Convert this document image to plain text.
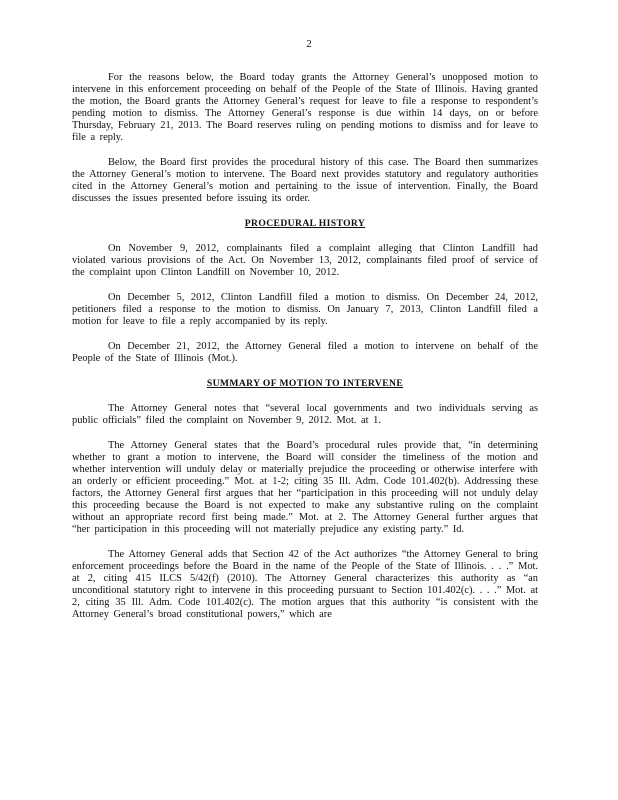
2

For the reasons below, the Board today grants the Attorney General’s unopposed motion to intervene in this enforcement proceeding on behalf of the People of the State of Illinois. Having granted the motion, the Board grants the Attorney General’s request for leave to file a response to respondent’s pending motion to dismiss. The Attorney General’s response is due within 14 days, on or before Thursday, February 21, 2013. The Board reserves ruling on pending motions to dismiss and for leave to file a reply.

Below, the Board first provides the procedural history of this case. The Board then summarizes the Attorney General’s motion to intervene. The Board next provides statutory and regulatory authorities cited in the Attorney General’s motion and pertaining to the issue of intervention. Finally, the Board discusses the issues presented before issuing its order.

PROCEDURAL HISTORY

On November 9, 2012, complainants filed a complaint alleging that Clinton Landfill had violated various provisions of the Act. On November 13, 2012, complainants filed proof of service of the complaint upon Clinton Landfill on November 10, 2012.

On December 5, 2012, Clinton Landfill filed a motion to dismiss. On December 24, 2012, petitioners filed a response to the motion to dismiss. On January 7, 2013, Clinton Landfill filed a motion for leave to file a reply accompanied by its reply.

On December 21, 2012, the Attorney General filed a motion to intervene on behalf of the People of the State of Illinois (Mot.).

SUMMARY OF MOTION TO INTERVENE

The Attorney General notes that “several local governments and two individuals serving as public officials” filed the complaint on November 9, 2012. Mot. at 1.

The Attorney General states that the Board’s procedural rules provide that, “in determining whether to grant a motion to intervene, the Board will consider the timeliness of the motion and whether intervention will unduly delay or materially prejudice the proceeding or otherwise interfere with an orderly or efficient proceeding.” Mot. at 1-2; citing 35 Ill. Adm. Code 101.402(b). Addressing these factors, the Attorney General first argues that her “participation in this proceeding will not unduly delay this proceeding because the Board is not expected to make any substantive ruling on the complaint without an appropriate record first being made.” Mot. at 2. The Attorney General further argues that “her participation in this proceeding will not materially prejudice any existing party.” Id.

The Attorney General adds that Section 42 of the Act authorizes “the Attorney General to bring enforcement proceedings before the Board in the name of the People of the State of Illinois. . . .” Mot. at 2, citing 415 ILCS 5/42(f) (2010). The Attorney General characterizes this authority as “an unconditional statutory right to intervene in this proceeding pursuant to Section 101.402(c). . . .” Mot. at 2, citing 35 Ill. Adm. Code 101.402(c). The motion argues that this authority “is consistent with the Attorney General’s broad constitutional powers,” which are
